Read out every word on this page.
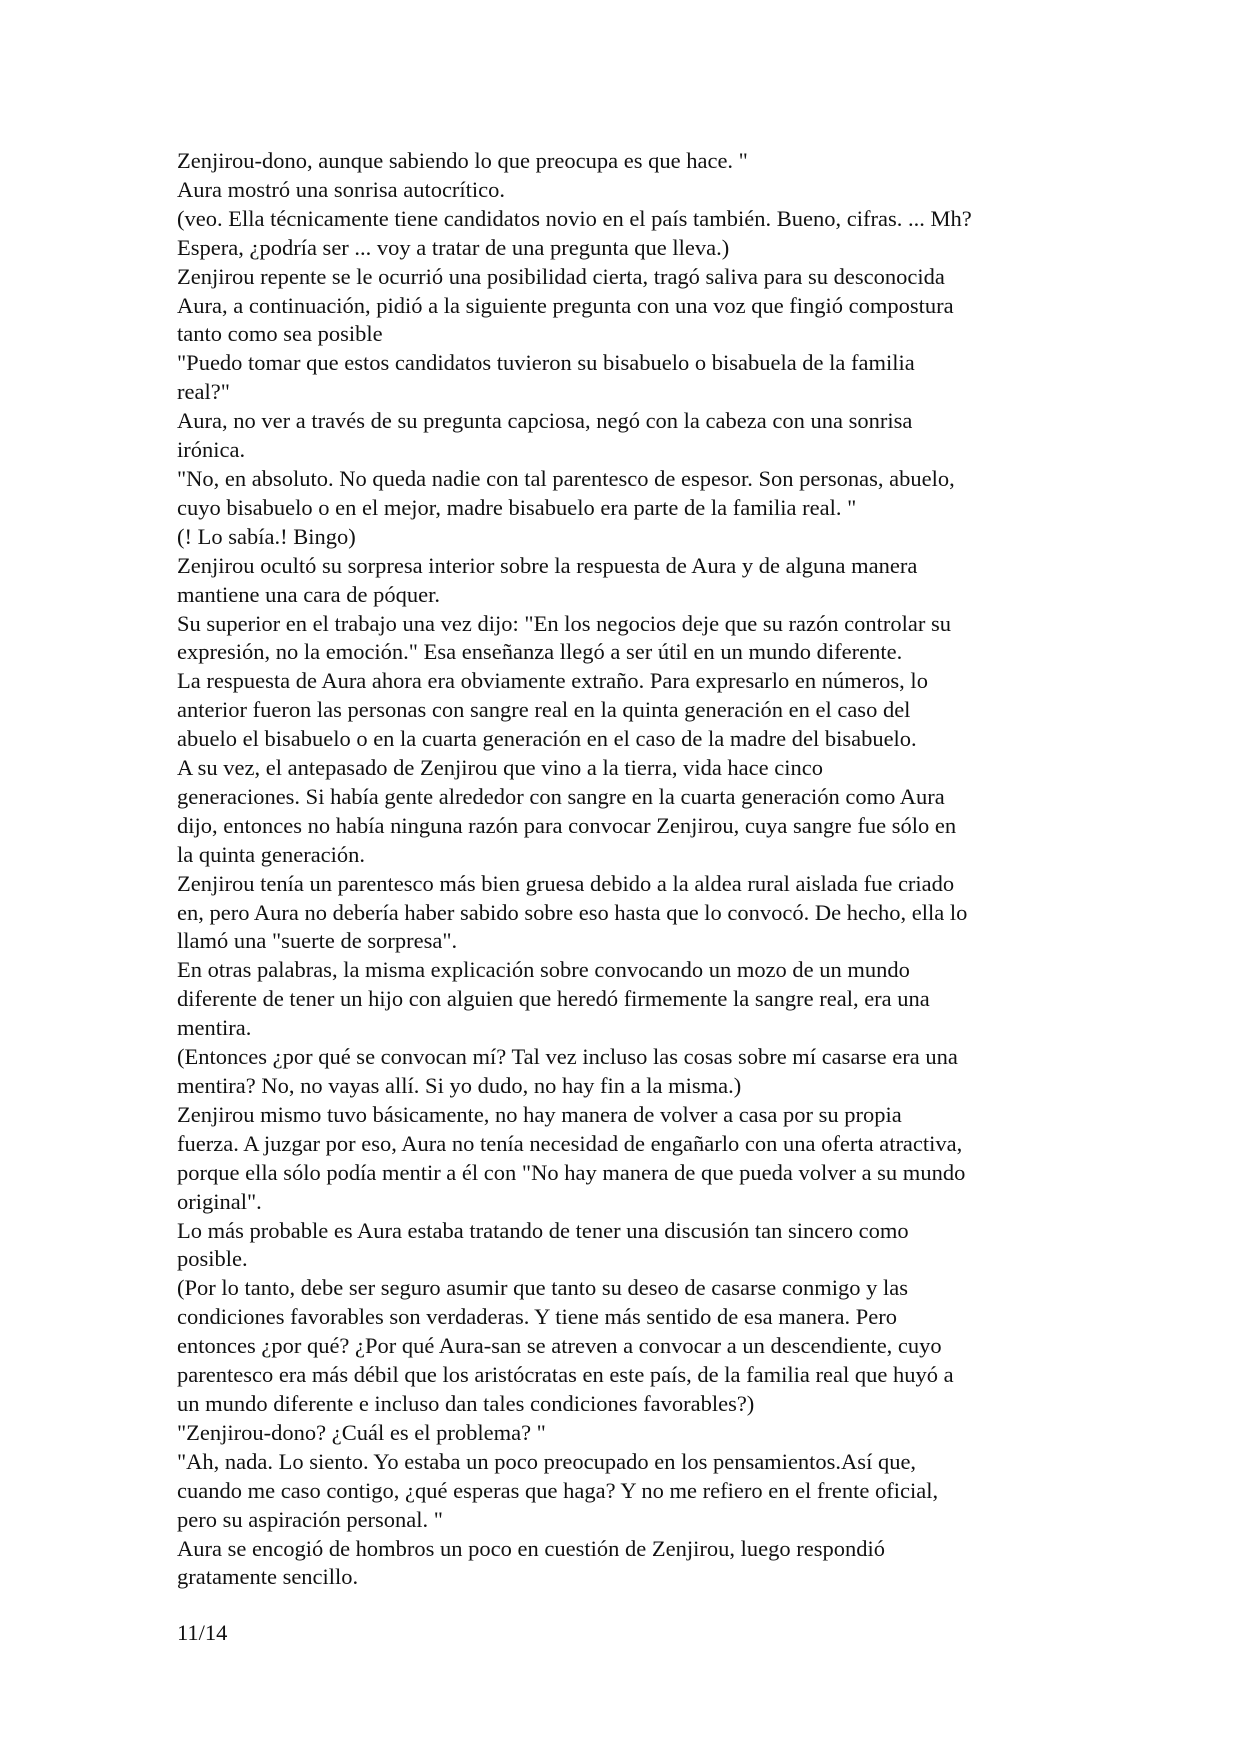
Zenjirou-dono, aunque sabiendo lo que preocupa es que hace. "
Aura mostró una sonrisa autocrítico.
(veo. Ella técnicamente tiene candidatos novio en el país también. Bueno, cifras. ... Mh?
Espera, ¿podría ser ... voy a tratar de una pregunta que lleva.)
Zenjirou repente se le ocurrió una posibilidad cierta, tragó saliva para su desconocida
Aura, a continuación, pidió a la siguiente pregunta con una voz que fingió compostura
tanto como sea posible
"Puedo tomar que estos candidatos tuvieron su bisabuelo o bisabuela de la familia
real?"
Aura, no ver a través de su pregunta capciosa, negó con la cabeza con una sonrisa
irónica.
"No, en absoluto. No queda nadie con tal parentesco de espesor. Son personas, abuelo,
cuyo bisabuelo o en el mejor, madre bisabuelo era parte de la familia real. "
(! Lo sabía.! Bingo)
Zenjirou ocultó su sorpresa interior sobre la respuesta de Aura y de alguna manera
mantiene una cara de póquer.
Su superior en el trabajo una vez dijo: "En los negocios deje que su razón controlar su
expresión, no la emoción." Esa enseñanza llegó a ser útil en un mundo diferente.
La respuesta de Aura ahora era obviamente extraño. Para expresarlo en números, lo
anterior fueron las personas con sangre real en la quinta generación en el caso del
abuelo el bisabuelo o en la cuarta generación en el caso de la madre del bisabuelo.
A su vez, el antepasado de Zenjirou que vino a la tierra, vida hace cinco
generaciones. Si había gente alrededor con sangre en la cuarta generación como Aura
dijo, entonces no había ninguna razón para convocar Zenjirou, cuya sangre fue sólo en
la quinta generación.
Zenjirou tenía un parentesco más bien gruesa debido a la aldea rural aislada fue criado
en, pero Aura no debería haber sabido sobre eso hasta que lo convocó. De hecho, ella lo
llamó una "suerte de sorpresa".
En otras palabras, la misma explicación sobre convocando un mozo de un mundo
diferente de tener un hijo con alguien que heredó firmemente la sangre real, era una
mentira.
(Entonces ¿por qué se convocan mí? Tal vez incluso las cosas sobre mí casarse era una
mentira? No, no vayas allí. Si yo dudo, no hay fin a la misma.)
Zenjirou mismo tuvo básicamente, no hay manera de volver a casa por su propia
fuerza. A juzgar por eso, Aura no tenía necesidad de engañarlo con una oferta atractiva,
porque ella sólo podía mentir a él con "No hay manera de que pueda volver a su mundo
original".
Lo más probable es Aura estaba tratando de tener una discusión tan sincero como
posible.
(Por lo tanto, debe ser seguro asumir que tanto su deseo de casarse conmigo y las
condiciones favorables son verdaderas. Y tiene más sentido de esa manera. Pero
entonces ¿por qué? ¿Por qué Aura-san se atreven a convocar a un descendiente, cuyo
parentesco era más débil que los aristócratas en este país, de la familia real que huyó a
un mundo diferente e incluso dan tales condiciones favorables?)
"Zenjirou-dono? ¿Cuál es el problema? "
"Ah, nada. Lo siento. Yo estaba un poco preocupado en los pensamientos.Así que,
cuando me caso contigo, ¿qué esperas que haga? Y no me refiero en el frente oficial,
pero su aspiración personal. "
Aura se encogió de hombros un poco en cuestión de Zenjirou, luego respondió
gratamente sencillo.
11/14
